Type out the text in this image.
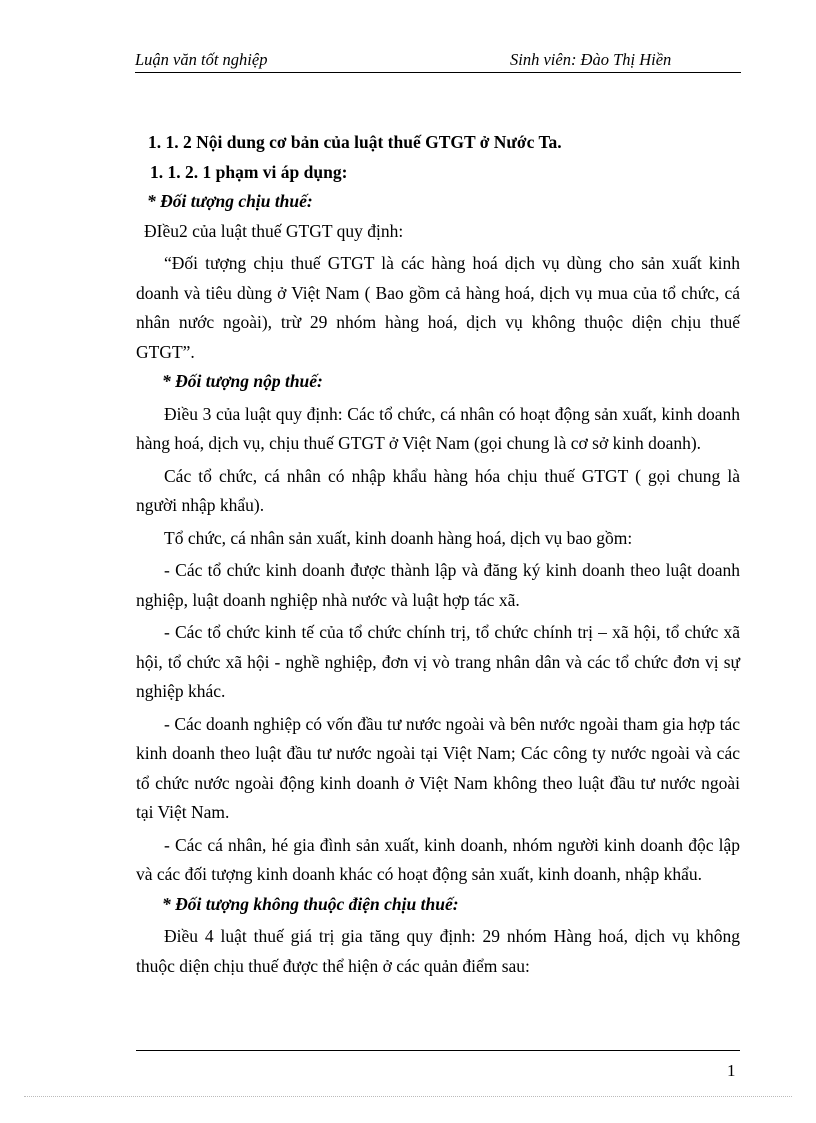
Luận văn tốt nghiệp	Sinh viên: Đào Thị Hiền
1. 1. 2 Nội dung cơ bản của luật thuế GTGT ở Nước Ta.
1. 1. 2. 1 phạm vi áp dụng:
* Đối tượng chịu thuế:

ĐIều2 của luật thuế GTGT quy định:

“Đối tượng chịu thuế GTGT là các hàng hoá dịch vụ dùng cho sản xuất kinh doanh và tiêu dùng ở Việt Nam ( Bao gồm cả hàng hoá, dịch vụ mua của tổ chức, cá nhân nước ngoài), trừ 29 nhóm hàng hoá, dịch vụ không thuộc diện chịu thuế GTGT”.

* Đối tượng nộp thuế:

Điều 3 của luật quy định: Các tổ chức, cá nhân có hoạt động sản xuất, kinh doanh hàng hoá, dịch vụ, chịu thuế GTGT ở Việt Nam (gọi chung là cơ sở kinh doanh).

Các tổ chức, cá nhân có nhập khẩu hàng hóa chịu thuế GTGT ( gọi chung là người nhập khẩu).

Tổ chức, cá nhân sản xuất, kinh doanh hàng hoá, dịch vụ bao gồm:

- Các tổ chức kinh doanh được thành lập và đăng ký kinh doanh theo luật doanh nghiệp, luật doanh nghiệp nhà nước và luật hợp tác xã.

- Các tổ chức kinh tế của tổ chức chính trị, tổ chức chính trị – xã hội, tổ chức xã hội, tổ chức xã hội - nghề nghiệp, đơn vị vò trang nhân dân và các tổ chức đơn vị sự nghiệp khác.

- Các doanh nghiệp có vốn đầu tư nước ngoài và bên nước ngoài tham gia hợp tác kinh doanh theo luật đầu tư nước ngoài tại Việt Nam; Các công ty nước ngoài và các tổ chức nước ngoài động kinh doanh ở Việt Nam không theo luật đầu tư nước ngoài tại Việt Nam.

- Các cá nhân, hé gia đình sản xuất, kinh doanh, nhóm người kinh doanh độc lập và các đối tượng kinh doanh khác có hoạt động sản xuất, kinh doanh, nhập khẩu.

* Đối tượng không thuộc điện chịu thuế:

Điều 4 luật thuế giá trị gia tăng quy định: 29 nhóm Hàng hoá, dịch vụ không thuộc diện chịu thuế được thể hiện ở các quản điểm sau:

1
